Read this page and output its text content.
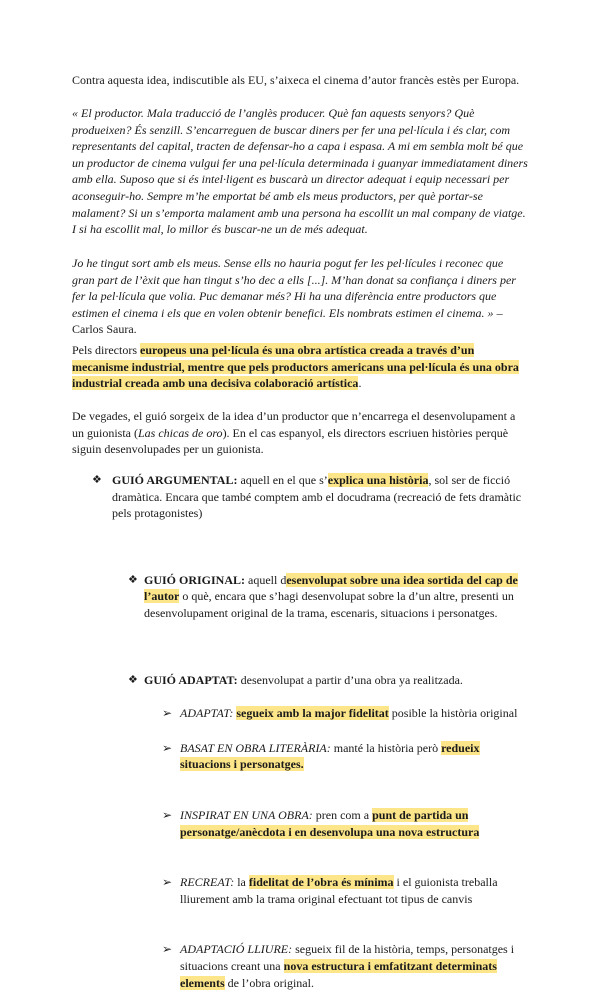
Contra aquesta idea, indiscutible als EU, s’aixeca el cinema d’autor francès estès per Europa.

« El productor. Mala traducció de l’anglès producer. Què fan aquests senyors? Què produeixen? És senzill. S’encarreguen de buscar diners per fer una pel·lícula i és clar, com representants del capital, tracten de defensar-ho a capa i espasa. A mi em sembla molt bé que un productor de cinema vulgui fer una pel·lícula determinada i guanyar immediatament diners amb ella. Suposo que si és intel·ligent es buscarà un director adequat i equip necessari per aconseguir-ho. Sempre m’he emportat bé amb els meus productors, per què portar-se malament? Si un s’emporta malament amb una persona ha escollit un mal company de viatge. I si ha escollit mal, lo millor és buscar-ne un de més adequat.

Jo he tingut sort amb els meus. Sense ells no hauria pogut fer les pel·lícules i reconec que gran part de l’èxit que han tingut s’ho dec a ells [...]. M’han donat sa confiança i diners per fer la pel·lícula que volia. Puc demanar més? Hi ha una diferència entre productors que estimen el cinema i els que en volen obtenir benefici. Els nombrats estimen el cinema. » – Carlos Saura.

Pels directors europeus una pel·lícula és una obra artística creada a través d’un mecanisme industrial, mentre que pels productors americans una pel·lícula és una obra industrial creada amb una decisiva colaboració artística.

De vegades, el guió sorgeix de la idea d’un productor que n’encarrega el desenvolupament a un guionista (Las chicas de oro). En el cas espanyol, els directors escriuen històries perquè siguin desenvolupades per un guionista.

❖ GUIÓ ARGUMENTAL: aquell en el que s’explica una història, sol ser de ficció dramàtica. Encara que també comptem amb el docudrama (recreació de fets dramàtic pels protagonistes)
❖ GUIÓ ORIGINAL: aquell desenvolupat sobre una idea sortida del cap de l’autor o què, encara que s’hagi desenvolupat sobre la d’un altre, presenti un desenvolupament original de la trama, escenaris, situacions i personatges.
❖ GUIÓ ADAPTAT: desenvolupat a partir d’una obra ya realitzada.
➢ ADAPTAT: segueix amb la major fidelitat posible la història original
➢ BASAT EN OBRA LITERÀRIA: manté la història però redueix situacions i personatges.
➢ INSPIRAT EN UNA OBRA: pren com a punt de partida un personatge/anècdota i en desenvolupa una nova estructura
➢ RECREAT: la fidelitat de l’obra és mínima i el guionista treballa lliurement amb la trama original efectuant tot tipus de canvis
➢ ADAPTACIÓ LLIURE: segueix fil de la història, temps, personatges i situacions creant una nova estructura i emfatitzant determinats elements de l’obra original.
